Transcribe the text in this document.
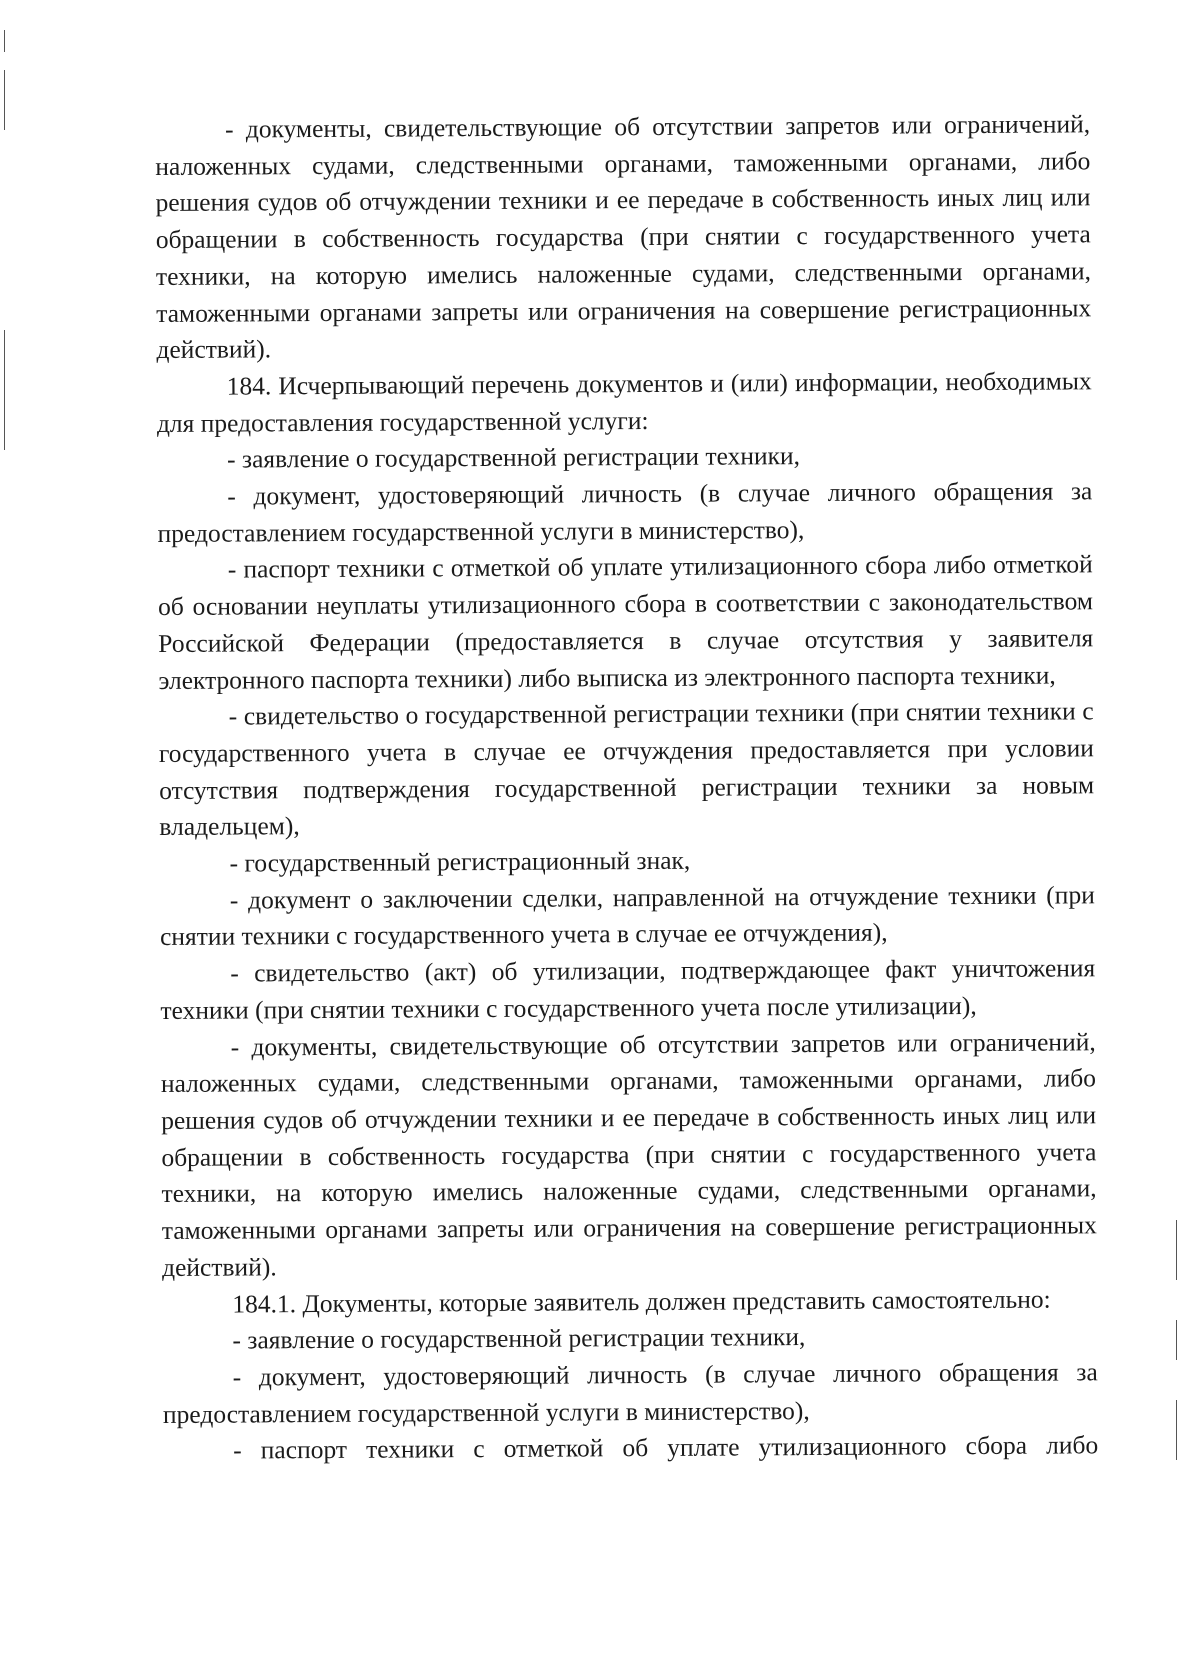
- документы, свидетельствующие об отсутствии запретов или ограничений, наложенных судами, следственными органами, таможенными органами, либо решения судов об отчуждении техники и ее передаче в собственность иных лиц или обращении в собственность государства (при снятии с государственного учета техники, на которую имелись наложенные судами, следственными органами, таможенными органами запреты или ограничения на совершение регистрационных действий).

184. Исчерпывающий перечень документов и (или) информации, необходимых для предоставления государственной услуги:

- заявление о государственной регистрации техники,

- документ, удостоверяющий личность (в случае личного обращения за предоставлением государственной услуги в министерство),

- паспорт техники с отметкой об уплате утилизационного сбора либо отметкой об основании неуплаты утилизационного сбора в соответствии с законодательством Российской Федерации (предоставляется в случае отсутствия у заявителя электронного паспорта техники) либо выписка из электронного паспорта техники,

- свидетельство о государственной регистрации техники (при снятии техники с государственного учета в случае ее отчуждения предоставляется при условии отсутствия подтверждения государственной регистрации техники за новым владельцем),

- государственный регистрационный знак,

- документ о заключении сделки, направленной на отчуждение техники (при снятии техники с государственного учета в случае ее отчуждения),

- свидетельство (акт) об утилизации, подтверждающее факт уничтожения техники (при снятии техники с государственного учета после утилизации),

- документы, свидетельствующие об отсутствии запретов или ограничений, наложенных судами, следственными органами, таможенными органами, либо решения судов об отчуждении техники и ее передаче в собственность иных лиц или обращении в собственность государства (при снятии с государственного учета техники, на которую имелись наложенные судами, следственными органами, таможенными органами запреты или ограничения на совершение регистрационных действий).

184.1. Документы, которые заявитель должен представить самостоятельно:

- заявление о государственной регистрации техники,

- документ, удостоверяющий личность (в случае личного обращения за предоставлением государственной услуги в министерство),

- паспорт техники с отметкой об уплате утилизационного сбора либо
